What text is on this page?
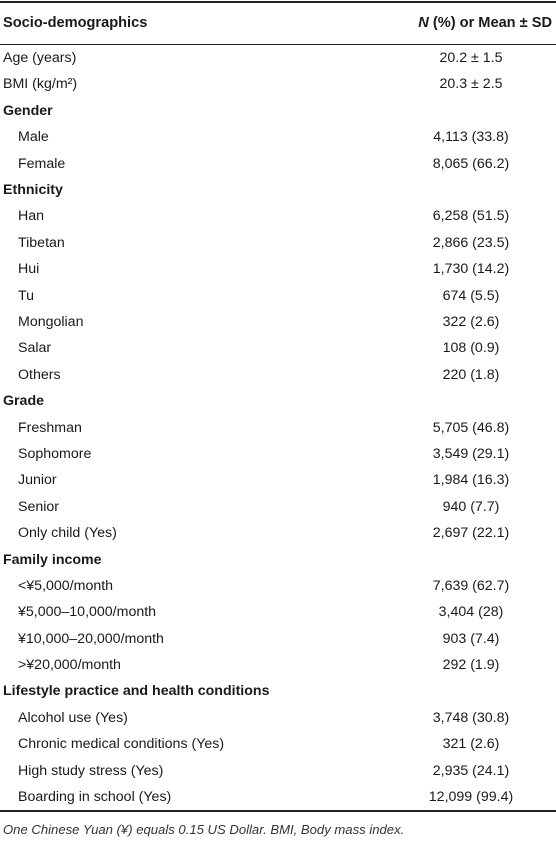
Socio-demographics	N (%) or Mean ± SD
Age (years)	20.2 ± 1.5
BMI (kg/m²)	20.3 ± 2.5
Gender
Male	4,113 (33.8)
Female	8,065 (66.2)
Ethnicity
Han	6,258 (51.5)
Tibetan	2,866 (23.5)
Hui	1,730 (14.2)
Tu	674 (5.5)
Mongolian	322 (2.6)
Salar	108 (0.9)
Others	220 (1.8)
Grade
Freshman	5,705 (46.8)
Sophomore	3,549 (29.1)
Junior	1,984 (16.3)
Senior	940 (7.7)
Only child (Yes)	2,697 (22.1)
Family income
<¥5,000/month	7,639 (62.7)
¥5,000–10,000/month	3,404 (28)
¥10,000–20,000/month	903 (7.4)
>¥20,000/month	292 (1.9)
Lifestyle practice and health conditions
Alcohol use (Yes)	3,748 (30.8)
Chronic medical conditions (Yes)	321 (2.6)
High study stress (Yes)	2,935 (24.1)
Boarding in school (Yes)	12,099 (99.4)
One Chinese Yuan (¥) equals 0.15 US Dollar. BMI, Body mass index.
